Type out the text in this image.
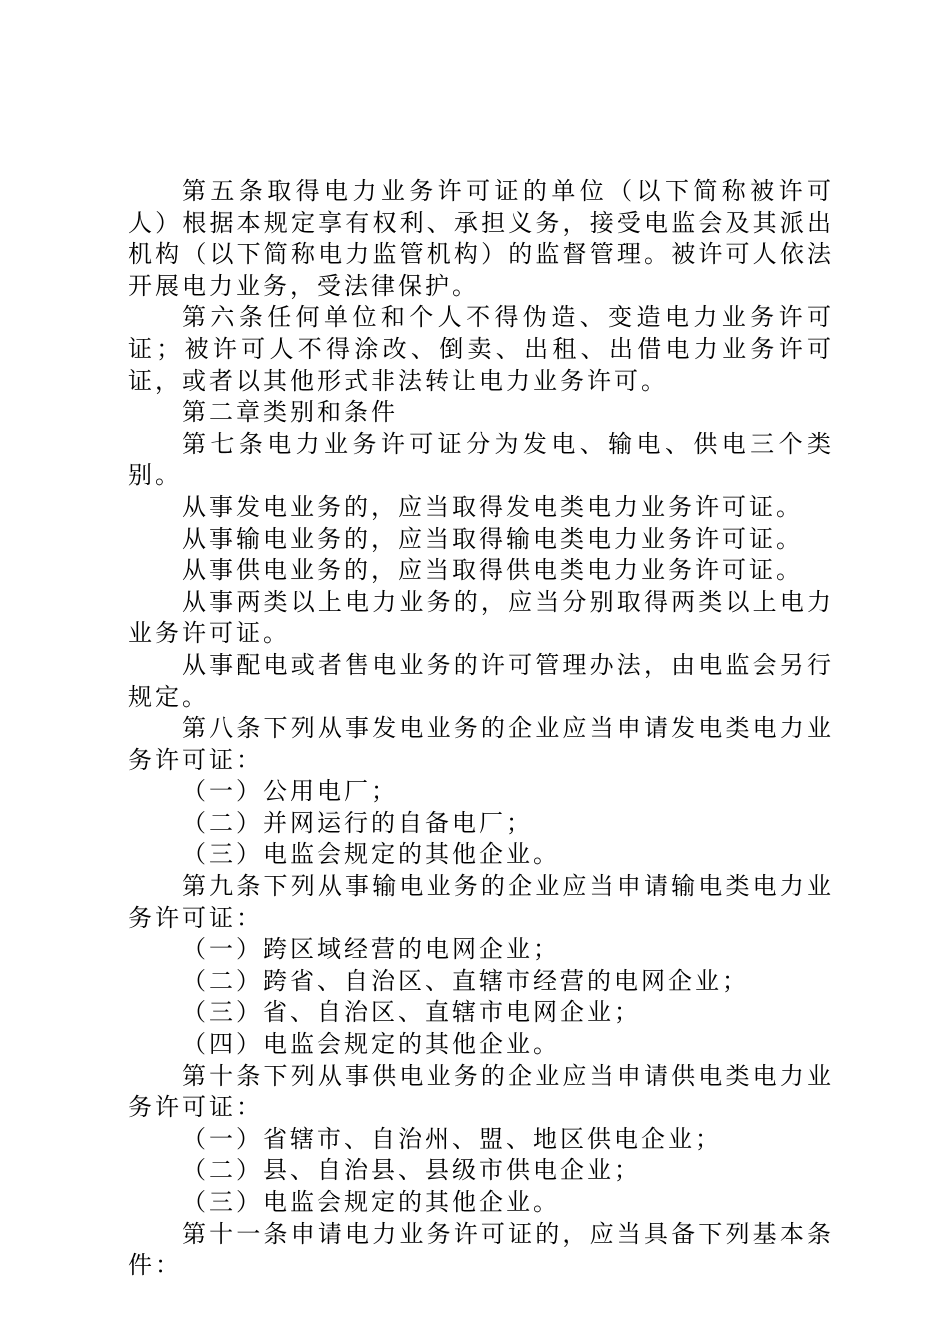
第五条取得电力业务许可证的单位（以下简称被许可人）根据本规定享有权利、承担义务，接受电监会及其派出机构（以下简称电力监管机构）的监督管理。被许可人依法开展电力业务，受法律保护。

第六条任何单位和个人不得伪造、变造电力业务许可证；被许可人不得涂改、倒卖、出租、出借电力业务许可证，或者以其他形式非法转让电力业务许可。

第二章类别和条件

第七条电力业务许可证分为发电、输电、供电三个类别。

从事发电业务的，应当取得发电类电力业务许可证。

从事输电业务的，应当取得输电类电力业务许可证。

从事供电业务的，应当取得供电类电力业务许可证。

从事两类以上电力业务的，应当分别取得两类以上电力业务许可证。

从事配电或者售电业务的许可管理办法，由电监会另行规定。

第八条下列从事发电业务的企业应当申请发电类电力业务许可证：

（一）公用电厂；

（二）并网运行的自备电厂；

（三）电监会规定的其他企业。

第九条下列从事输电业务的企业应当申请输电类电力业务许可证：

（一）跨区域经营的电网企业；

（二）跨省、自治区、直辖市经营的电网企业；

（三）省、自治区、直辖市电网企业；

（四）电监会规定的其他企业。

第十条下列从事供电业务的企业应当申请供电类电力业务许可证：

（一）省辖市、自治州、盟、地区供电企业；

（二）县、自治县、县级市供电企业；

（三）电监会规定的其他企业。

第十一条申请电力业务许可证的，应当具备下列基本条件：
